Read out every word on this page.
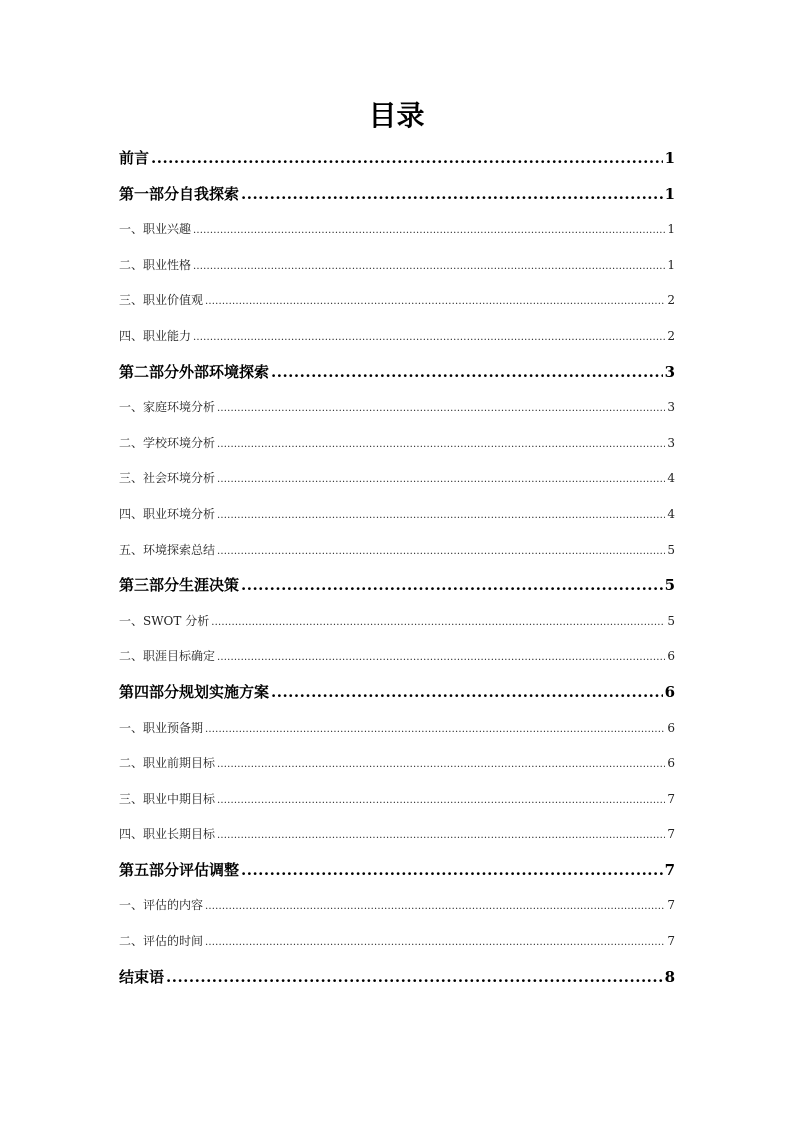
目录
前言 .....	1
第一部分自我探索 .....	1
一、职业兴趣 .....	1
二、职业性格 .....	1
三、职业价值观 .....	2
四、职业能力 .....	2
第二部分外部环境探索 .....	3
一、家庭环境分析 .....	3
二、学校环境分析 .....	3
三、社会环境分析 .....	4
四、职业环境分析 .....	4
五、环境探索总结 .....	5
第三部分生涯决策 .....	5
一、SWOT 分析 .....	5
二、职涯目标确定 .....	6
第四部分规划实施方案 .....	6
一、职业预备期 .....	6
二、职业前期目标 .....	6
三、职业中期目标 .....	7
四、职业长期目标 .....	7
第五部分评估调整 .....	7
一、评估的内容 .....	7
二、评估的时间 .....	7
结束语 .....	8
